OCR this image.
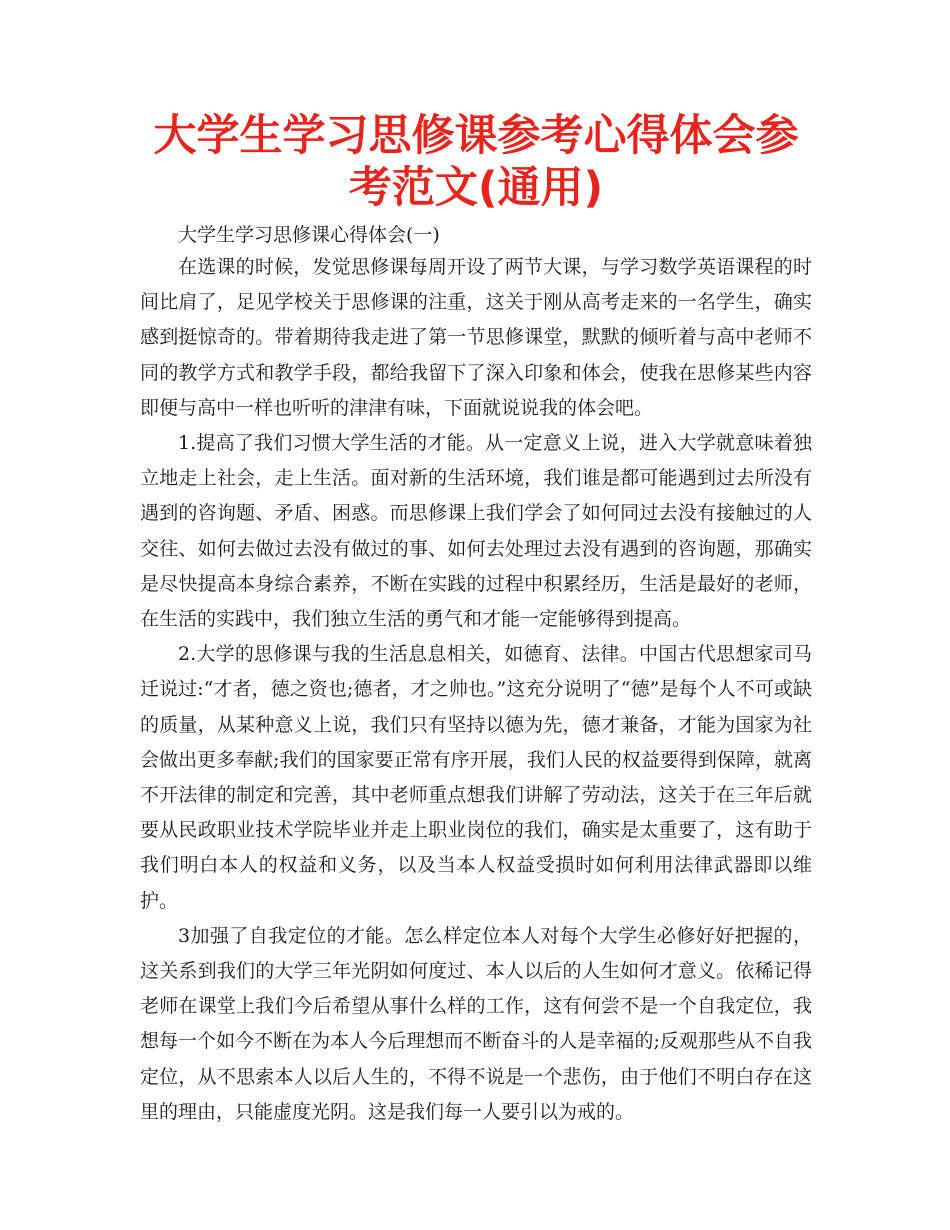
大学生学习思修课参考心得体会参考范文(通用)

大学生学习思修课心得体会(一)

在选课的时候，发觉思修课每周开设了两节大课，与学习数学英语课程的时间比肩了，足见学校关于思修课的注重，这关于刚从高考走来的一名学生，确实感到挺惊奇的。带着期待我走进了第一节思修课堂，默默的倾听着与高中老师不同的教学方式和教学手段，都给我留下了深入印象和体会，使我在思修某些内容即便与高中一样也听听的津津有味，下面就说说我的体会吧。

1.提高了我们习惯大学生活的才能。从一定意义上说，进入大学就意味着独立地走上社会，走上生活。面对新的生活环境，我们谁是都可能遇到过去所没有遇到的咨询题、矛盾、困惑。而思修课上我们学会了如何同过去没有接触过的人交往、如何去做过去没有做过的事、如何去处理过去没有遇到的咨询题，那确实是尽快提高本身综合素养，不断在实践的过程中积累经历，生活是最好的老师，在生活的实践中，我们独立生活的勇气和才能一定能够得到提高。

2.大学的思修课与我的生活息息相关，如德育、法律。中国古代思想家司马迁说过:“才者，德之资也;德者，才之帅也。”这充分说明了“德”是每个人不可或缺的质量，从某种意义上说，我们只有坚持以德为先，德才兼备，才能为国家为社会做出更多奉献;我们的国家要正常有序开展，我们人民的权益要得到保障，就离不开法律的制定和完善，其中老师重点想我们讲解了劳动法，这关于在三年后就要从民政职业技术学院毕业并走上职业岗位的我们，确实是太重要了，这有助于我们明白本人的权益和义务，以及当本人权益受损时如何利用法律武器即以维护。

3加强了自我定位的才能。怎么样定位本人对每个大学生必修好好把握的，这关系到我们的大学三年光阴如何度过、本人以后的人生如何才意义。依稀记得老师在课堂上我们今后希望从事什么样的工作，这有何尝不是一个自我定位，我想每一个如今不断在为本人今后理想而不断奋斗的人是幸福的;反观那些从不自我定位，从不思索本人以后人生的，不得不说是一个悲伤，由于他们不明白存在这里的理由，只能虚度光阴。这是我们每一人要引以为戒的。
